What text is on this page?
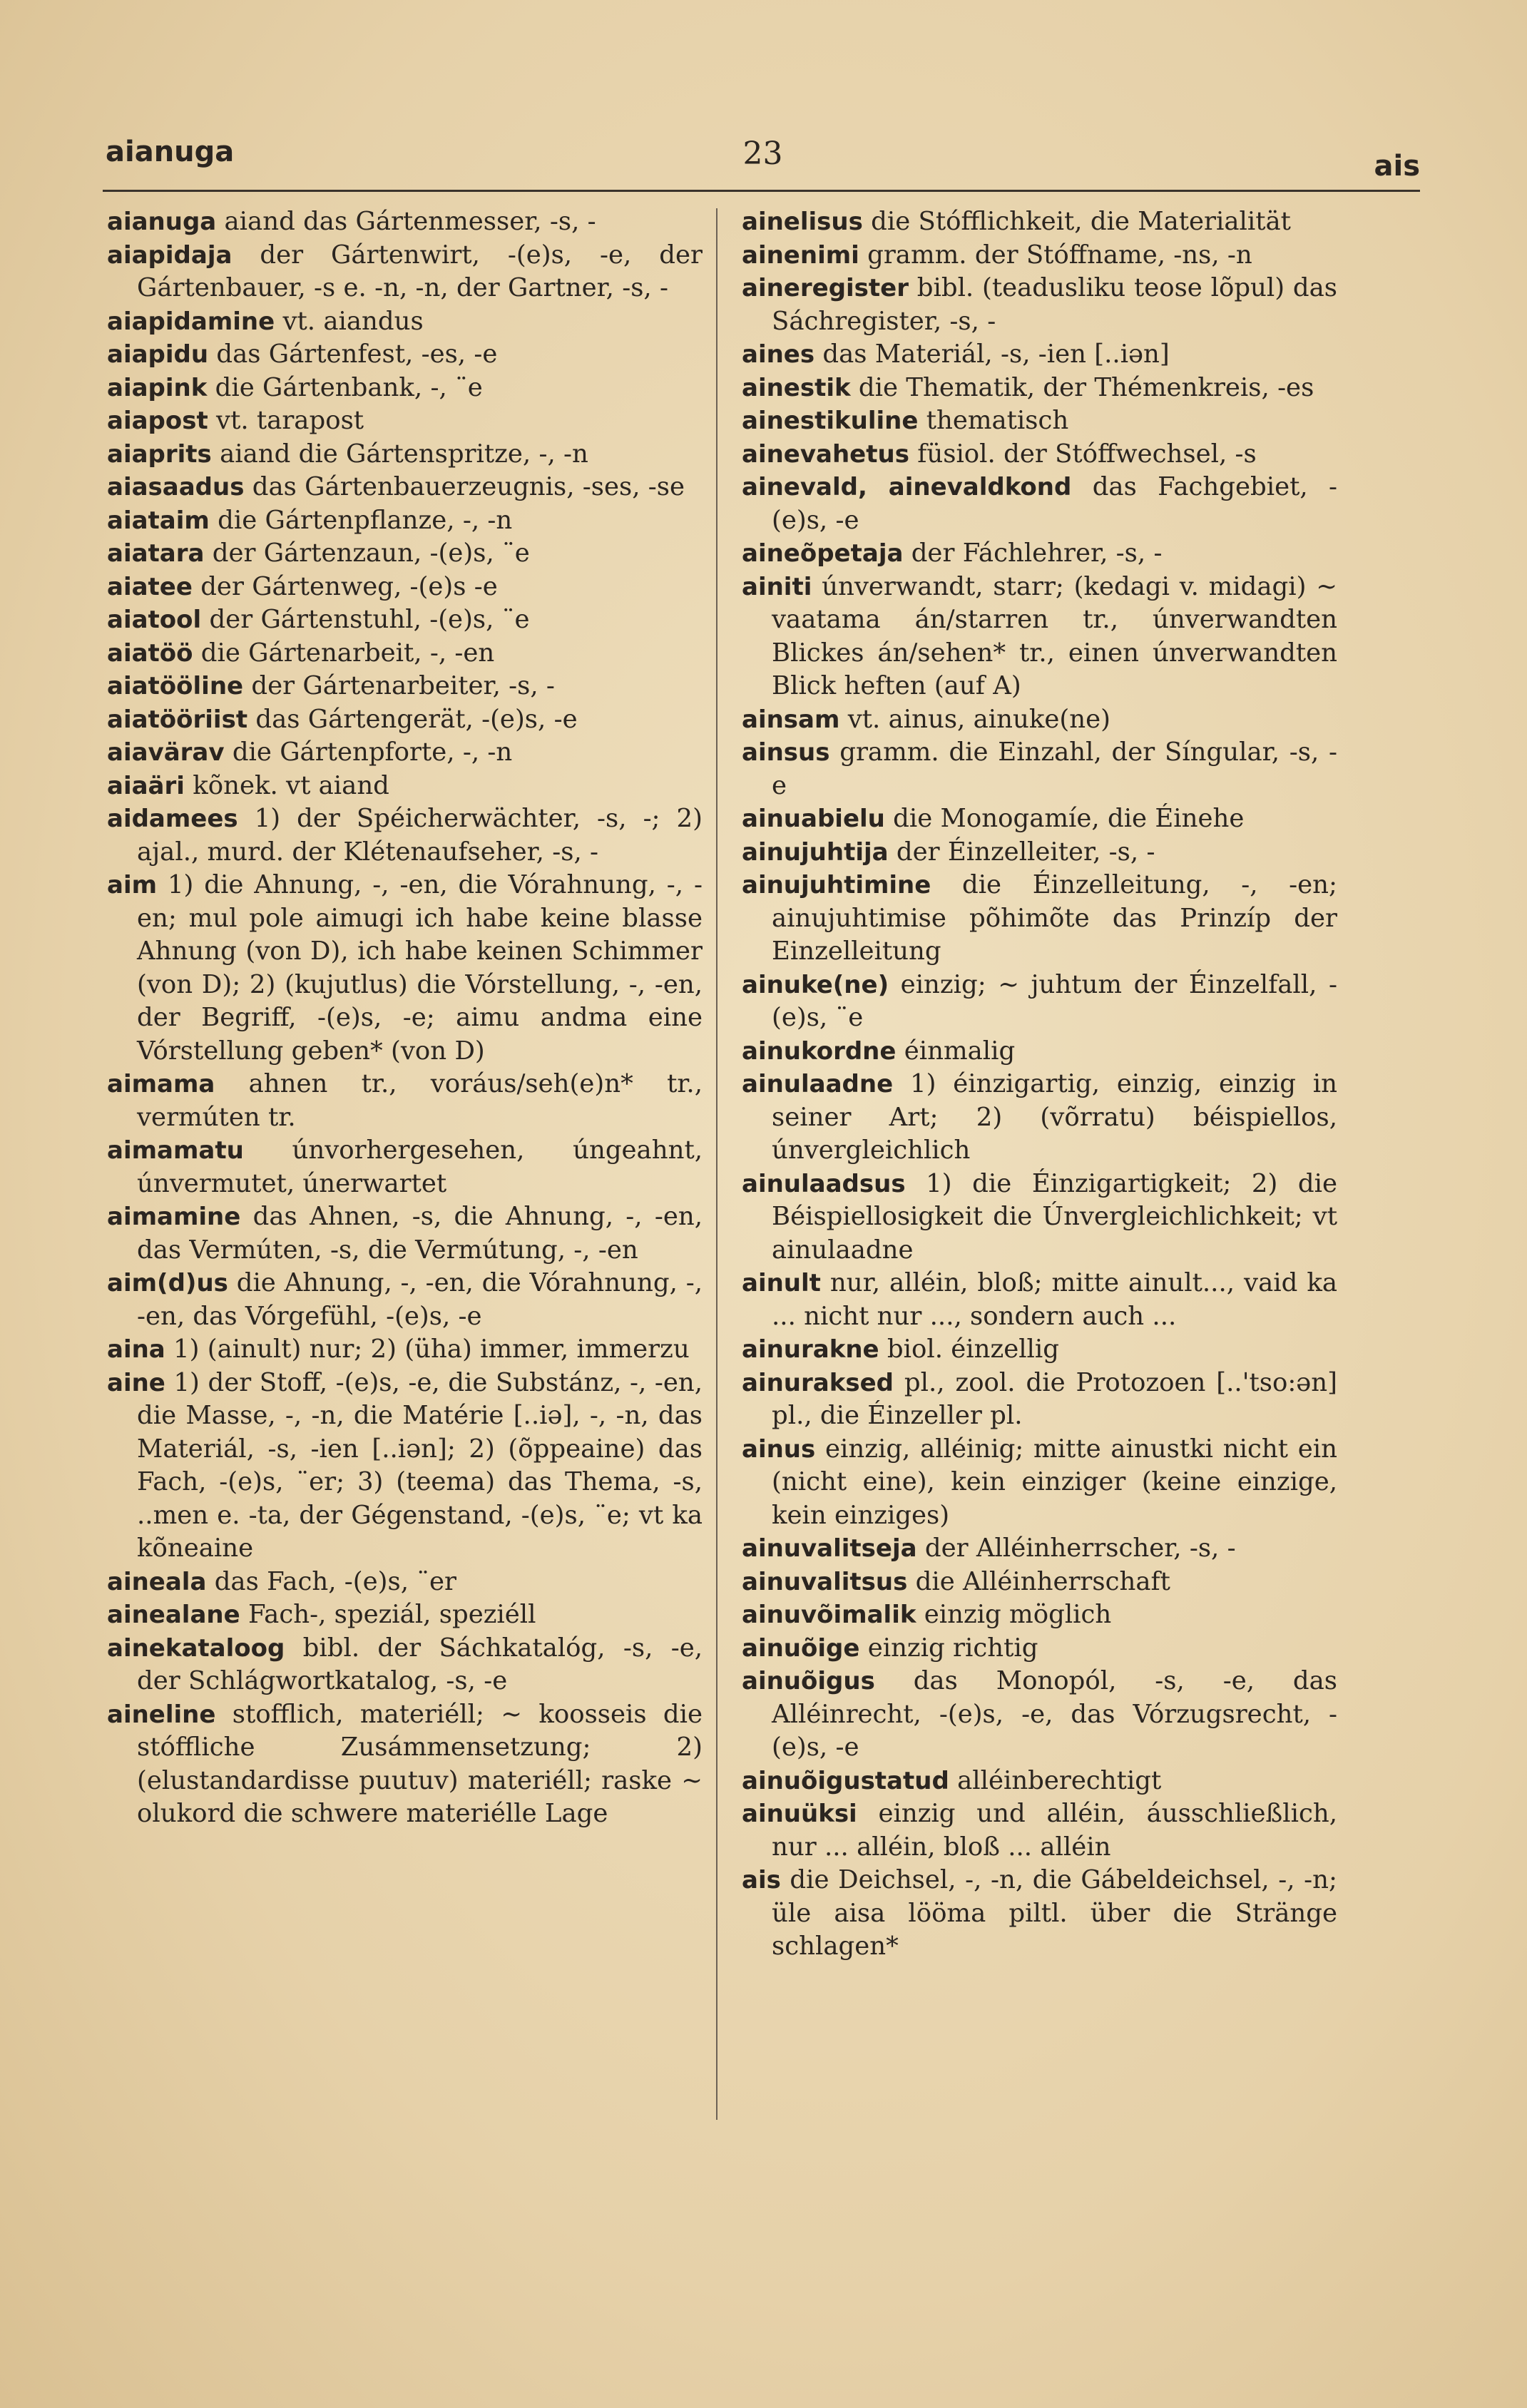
aianuga	23	ais
aianuga aiand das Gártenmesser, -s, -
aiapidaja der Gártenwirt, -(e)s, -e, der Gártenbauer, -s e. -n, -n, der Gartner, -s, -
aiapidamine vt. aiandus
aiapidu das Gártenfest, -es, -e
aiapink die Gártenbank, -, ¨e
aiapost vt. tarapost
aiaprits aiand die Gártenspritze, -, -n
aiasaadus das Gártenbauerzeugnis, -ses, -se
aiataim die Gártenpflanze, -, -n
aiatara der Gártenzaun, -(e)s, ¨e
aiatee der Gártenweg, -(e)s -e
aiatool der Gártenstuhl, -(e)s, ¨e
aiatöö die Gártenarbeit, -, -en
aiatööline der Gártenarbeiter, -s, -
aiatööriist das Gártengerät, -(e)s, -e
aiavärav die Gártenpforte, -, -n
aiaäri kõnek. vt aiand
aidamees 1) der Spéicherwächter, -s, -; 2) ajal., murd. der Klétenaufseher, -s, -
aim 1) die Ahnung, -, -en, die Vórahnung, -, -en; mul pole aimugi ich habe keine blasse Ahnung (von D), ich habe keinen Schimmer (von D); 2) (kujutlus) die Vórstellung, -, -en, der Begriff, -(e)s, -e; aimu andma eine Vórstellung geben* (von D)
aimama ahnen tr., voráus/seh(e)n* tr., vermúten tr.
aimamatu únvorhergesehen, úngeahnt, únvermutet, únerwartet
aimamine das Ahnen, -s, die Ahnung, -, -en, das Vermúten, -s, die Vermútung, -, -en
aim(d)us die Ahnung, -, -en, die Vórahnung, -, -en, das Vórgefühl, -(e)s, -e
aina 1) (ainult) nur; 2) (üha) immer, immerzu
aine 1) der Stoff, -(e)s, -e, die Substánz, -, -en, die Masse, -, -n, die Matérie [..iə], -, -n, das Materiál, -s, -ien [..iən]; 2) (õppeaine) das Fach, -(e)s, ¨er; 3) (teema) das Thema, -s, ..men e. -ta, der Gégenstand, -(e)s, ¨e; vt ka kõneaine
aineala das Fach, -(e)s, ¨er
ainealane Fach-, speziál, speziéll
ainekataloog bibl. der Sáchkatalóg, -s, -e, der Schlágwortkatalog, -s, -e
aineline stofflich, materiéll; ~ koosseis die stóffliche Zusámmensetzung; 2) (elustandardisse puutuv) materiéll; raske ~ olukord die schwere materiélle Lage
ainelisus die Stófflichkeit, die Materialität
ainenimi gramm. der Stóffname, -ns, -n
aineregister bibl. (teadusliku teose lõpul) das Sáchregister, -s, -
aines das Materiál, -s, -ien [..iən]
ainestik die Thematik, der Thémenkreis, -es
ainestikuline thematisch
ainevahetus füsiol. der Stóffwechsel, -s
ainevald, ainevaldkond das Fachgebiet, -(e)s, -e
aineõpetaja der Fáchlehrer, -s, -
ainiti únverwandt, starr; (kedagi v. midagi) ~ vaatama án/starren tr., únverwandten Blickes án/sehen* tr., einen únverwandten Blick heften (auf A)
ainsam vt. ainus, ainuke(ne)
ainsus gramm. die Einzahl, der Síngular, -s, -e
ainuabielu die Monogamíe, die Éinehe
ainujuhtija der Éinzelleiter, -s, -
ainujuhtimine die Éinzelleitung, -, -en; ainujuhtimise põhimõte das Prinzíp der Einzelleitung
ainuke(ne) einzig; ~ juhtum der Éinzelfall, -(e)s, ¨e
ainukordne éinmalig
ainulaadne 1) éinzigartig, einzig, einzig in seiner Art; 2) (võrratu) béispiellos, únvergleichlich
ainulaadsus 1) die Éinzigartigkeit; 2) die Béispiellosigkeit die Únvergleichlichkeit; vt ainulaadne
ainult nur, alléin, bloß; mitte ainult..., vaid ka ... nicht nur ..., sondern auch ...
ainurakne biol. éinzellig
ainuraksed pl., zool. die Protozoen [..'tso:ən] pl., die Éinzeller pl.
ainus einzig, alléinig; mitte ainustki nicht ein (nicht eine), kein einziger (keine einzige, kein einziges)
ainuvalitseja der Alléinherrscher, -s, -
ainuvalitsus die Alléinherrschaft
ainuvõimalik einzig möglich
ainuõige einzig richtig
ainuõigus das Monopól, -s, -e, das Alléinrecht, -(e)s, -e, das Vórzugsrecht, -(e)s, -e
ainuõigustatud alléinberechtigt
ainuüksi einzig und alléin, áusschließlich, nur ... alléin, bloß ... alléin
ais die Deichsel, -, -n, die Gábeldeichsel, -, -n; üle aisa lööma piltl. über die Stränge schlagen*
